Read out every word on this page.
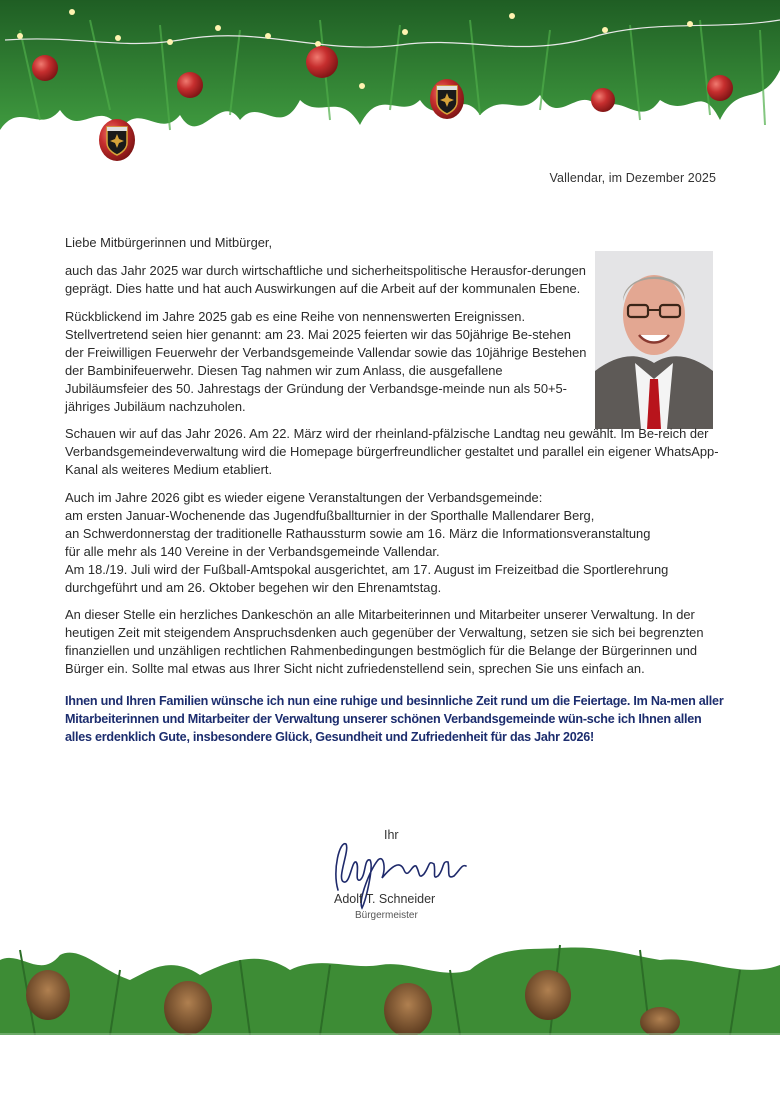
Vallendar, im Dezember 2025

Liebe Mitbürgerinnen und Mitbürger,

auch das Jahr 2025 war durch wirtschaftliche und sicherheitspolitische Herausfor-derungen geprägt. Dies hatte und hat auch Auswirkungen auf die Arbeit auf der kommunalen Ebene.

Rückblickend im Jahre 2025 gab es eine Reihe von nennenswerten Ereignissen. Stellvertretend seien hier genannt: am 23. Mai 2025 feierten wir das 50jährige Be-stehen der Freiwilligen Feuerwehr der Verbandsgemeinde Vallendar sowie das 10jährige Bestehen der Bambinifeuerwehr. Diesen Tag nahmen wir zum Anlass, die ausgefallene Jubiläumsfeier des 50. Jahrestags der Gründung der Verbandsge-meinde nun als 50+5-jähriges Jubiläum nachzuholen.

Schauen wir auf das Jahr 2026. Am 22. März wird der rheinland-pfälzische Landtag neu gewählt. Im Be-reich der Verbandsgemeindeverwaltung wird die Homepage bürgerfreundlicher gestaltet und parallel ein eigener WhatsApp-Kanal als weiteres Medium etabliert.

Auch im Jahre 2026 gibt es wieder eigene Veranstaltungen der Verbandsgemeinde:
am ersten Januar-Wochenende das Jugendfußballturnier in der Sporthalle Mallendarer Berg,
an Schwerdonnerstag der traditionelle Rathaussturm sowie am 16. März die Informationsveranstaltung
für alle mehr als 140 Vereine in der Verbandsgemeinde Vallendar.

Am 18./19. Juli wird der Fußball-Amtspokal ausgerichtet, am 17. August im Freizeitbad die Sportlerehrung durchgeführt und am 26. Oktober begehen wir den Ehrenamtstag.

An dieser Stelle ein herzliches Dankeschön an alle Mitarbeiterinnen und Mitarbeiter unserer Verwaltung. In der heutigen Zeit mit steigendem Anspruchsdenken auch gegenüber der Verwaltung, setzen sie sich bei begrenzten finanziellen und unzähligen rechtlichen Rahmenbedingungen bestmöglich für die Belange der Bürgerinnen und Bürger ein. Sollte mal etwas aus Ihrer Sicht nicht zufriedenstellend sein, sprechen Sie uns einfach an.

Ihnen und Ihren Familien wünsche ich nun eine ruhige und besinnliche Zeit rund um die Feiertage. Im Na-men aller Mitarbeiterinnen und Mitarbeiter der Verwaltung unserer schönen Verbandsgemeinde wün-sche ich Ihnen allen alles erdenklich Gute, insbesondere Glück, Gesundheit und Zufriedenheit für das Jahr 2026!

Ihr
Adolf T. Schneider
Bürgermeister
